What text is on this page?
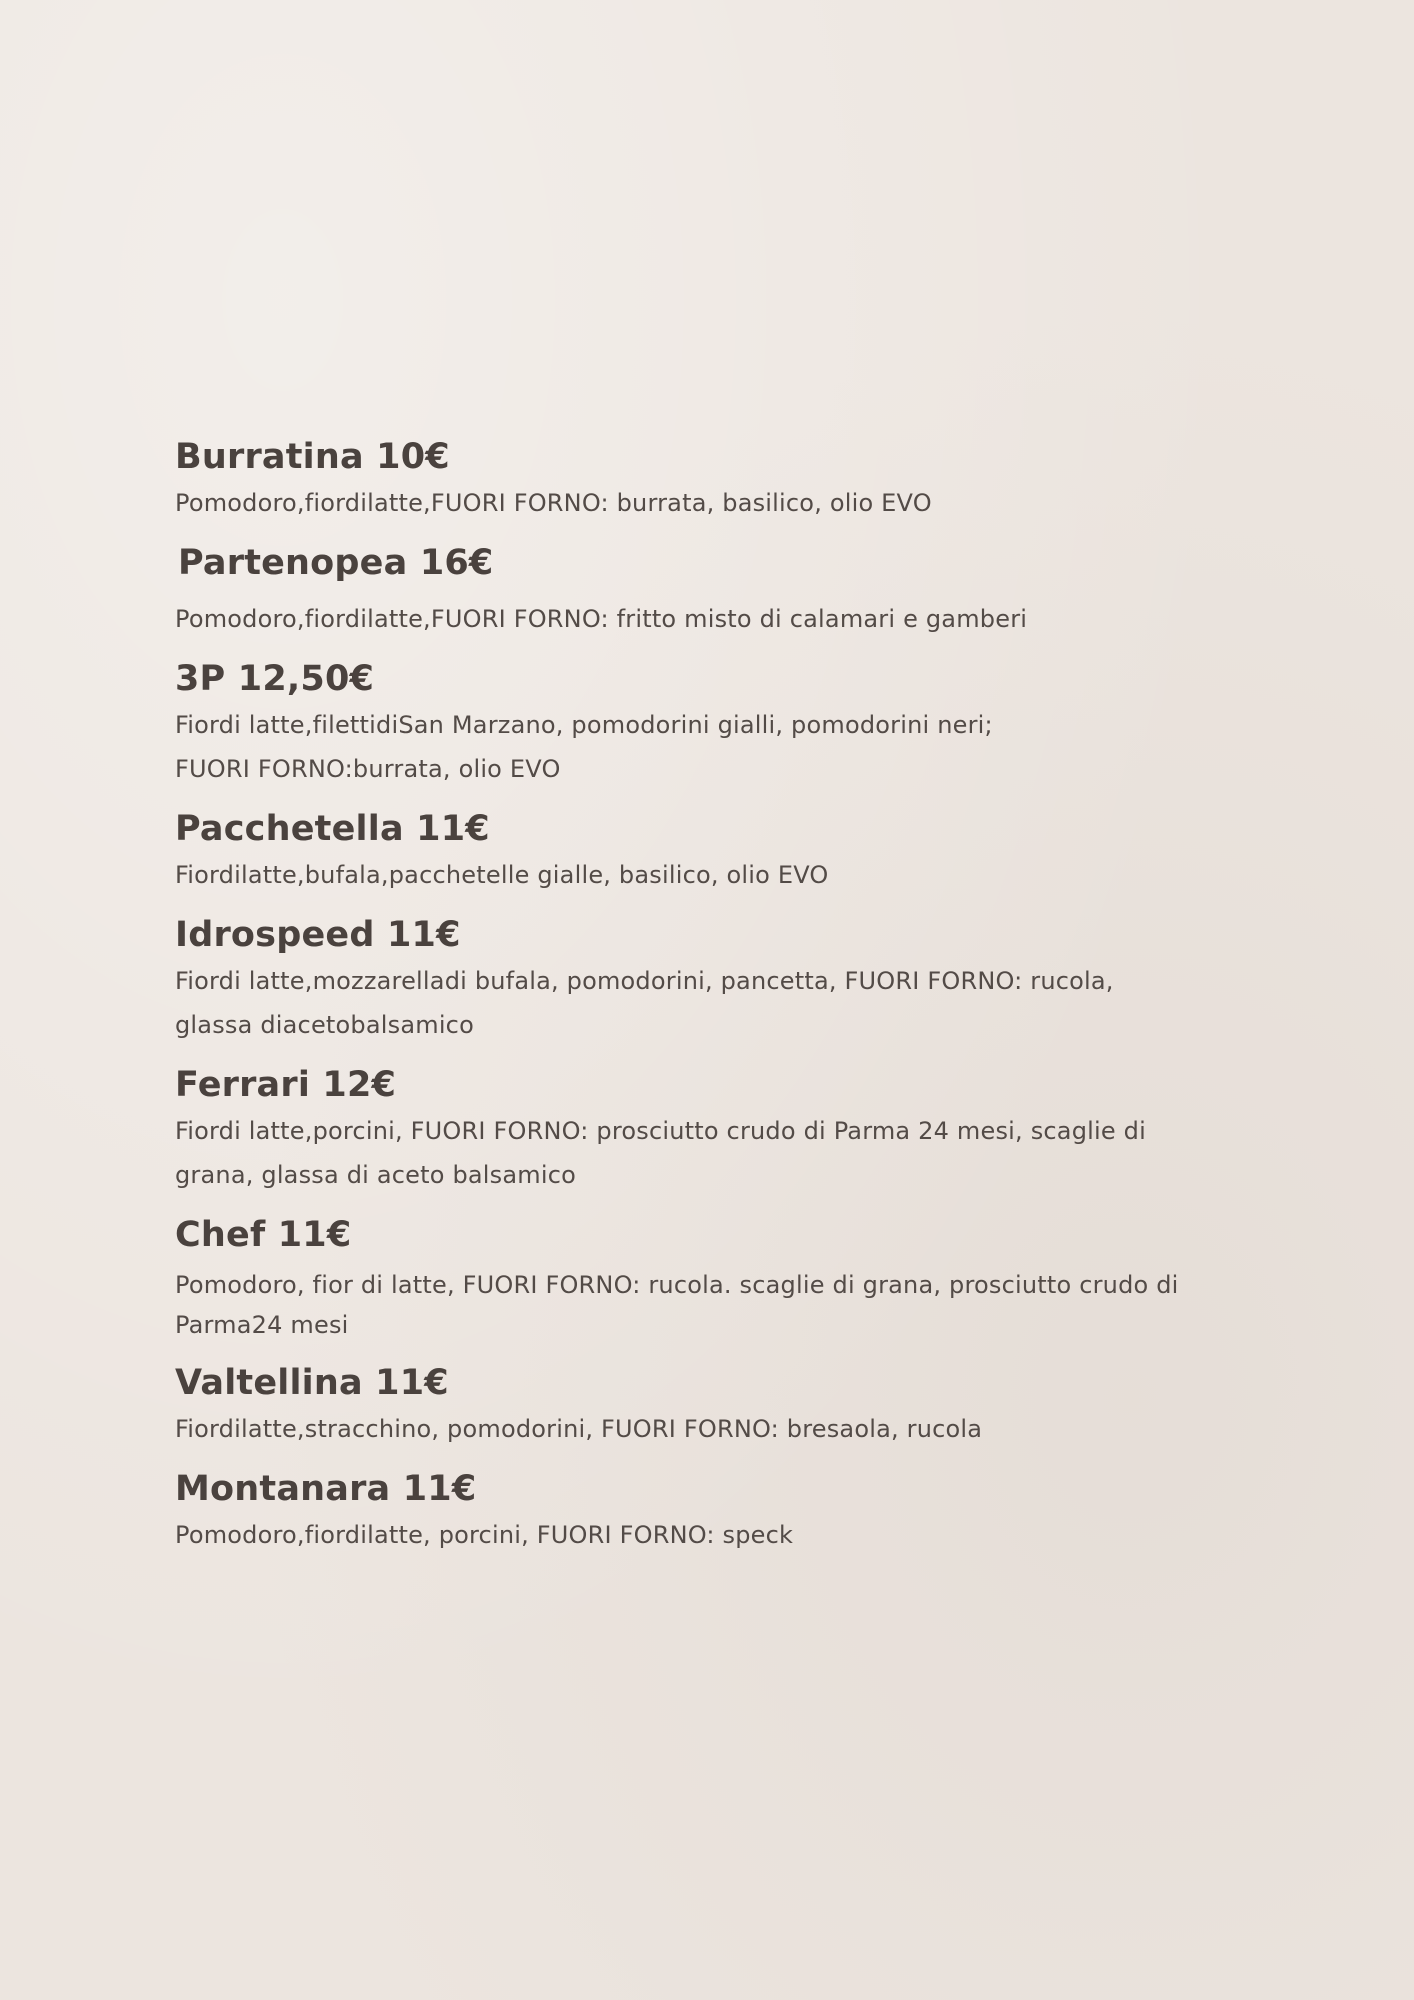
Burratina 10€

Pomodoro,fiordilatte,FUORI FORNO: burrata, basilico, olio EVO

Partenopea 16€

Pomodoro,fiordilatte,FUORI FORNO: fritto misto di calamari e gamberi

3P 12,50€

Fiordi latte,filettidiSan Marzano, pomodorini gialli, pomodorini neri;
FUORI FORNO:burrata, olio EVO

Pacchetella 11€

Fiordilatte,bufala,pacchetelle gialle, basilico, olio EVO

Idrospeed 11€

Fiordi latte,mozzarelladi bufala, pomodorini, pancetta, FUORI FORNO: rucola,
glassa diacetobalsamico

Ferrari 12€

Fiordi latte,porcini, FUORI FORNO: prosciutto crudo di Parma 24 mesi, scaglie di
grana, glassa di aceto balsamico

Chef 11€

Pomodoro, fior di latte, FUORI FORNO: rucola. scaglie di grana, prosciutto crudo di
Parma24 mesi

Valtellina 11€

Fiordilatte,stracchino, pomodorini, FUORI FORNO: bresaola, rucola

Montanara 11€

Pomodoro,fiordilatte, porcini, FUORI FORNO: speck
